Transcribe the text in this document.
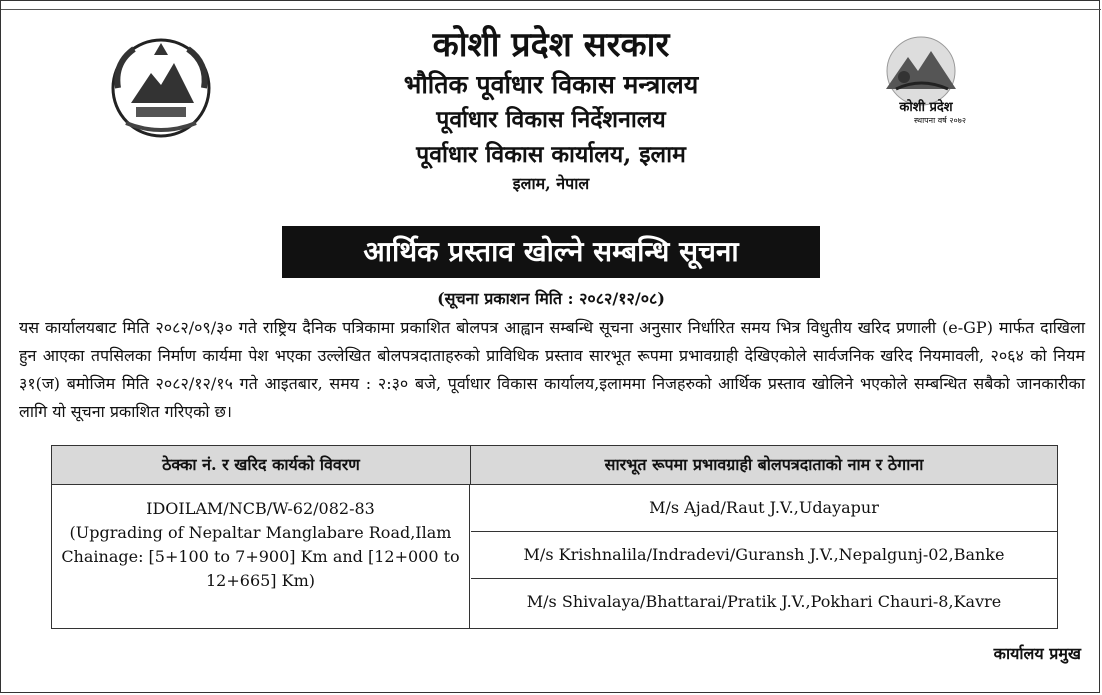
कोशी प्रदेश
स्थापना वर्ष २०७२
कोशी प्रदेश सरकार
भौतिक पूर्वाधार विकास मन्त्रालय
पूर्वाधार विकास निर्देशनालय
पूर्वाधार विकास कार्यालय, इलाम
इलाम, नेपाल
आर्थिक प्रस्ताव खोल्ने सम्बन्धि सूचना
(सूचना प्रकाशन मिति : २०८२/१२/०८)
यस कार्यालयबाट मिति २०८२/०९/३० गते राष्ट्रिय दैनिक पत्रिकामा प्रकाशित बोलपत्र आह्वान सम्बन्धि सूचना अनुसार निर्धारित समय भित्र विधुतीय खरिद प्रणाली (e-GP) मार्फत दाखिला हुन आएका तपसिलका निर्माण कार्यमा पेश भएका उल्लेखित बोलपत्रदाताहरुको प्राविधिक प्रस्ताव सारभूत रूपमा प्रभावग्राही देखिएकोले सार्वजनिक खरिद नियमावली, २०६४ को नियम ३१(ज) बमोजिम मिति २०८२/१२/१५ गते आइतबार, समय : २:३० बजे, पूर्वाधार विकास कार्यालय,इलाममा निजहरुको आर्थिक प्रस्ताव खोलिने भएकोले सम्बन्धित सबैको जानकारीका लागि यो सूचना प्रकाशित गरिएको छ।
ठेक्का नं. र खरिद कार्यको विवरण	सारभूत रूपमा प्रभावग्राही बोलपत्रदाताको नाम र ठेगाना
IDOILAM/NCB/W-62/082-83
(Upgrading of Nepaltar Manglabare Road,Ilam
Chainage: [5+100 to 7+900] Km and [12+000 to
12+665] Km)
M/s Ajad/Raut J.V.,Udayapur
M/s Krishnalila/Indradevi/Guransh J.V.,Nepalgunj-02,Banke
M/s Shivalaya/Bhattarai/Pratik J.V.,Pokhari Chauri-8,Kavre
कार्यालय प्रमुख
